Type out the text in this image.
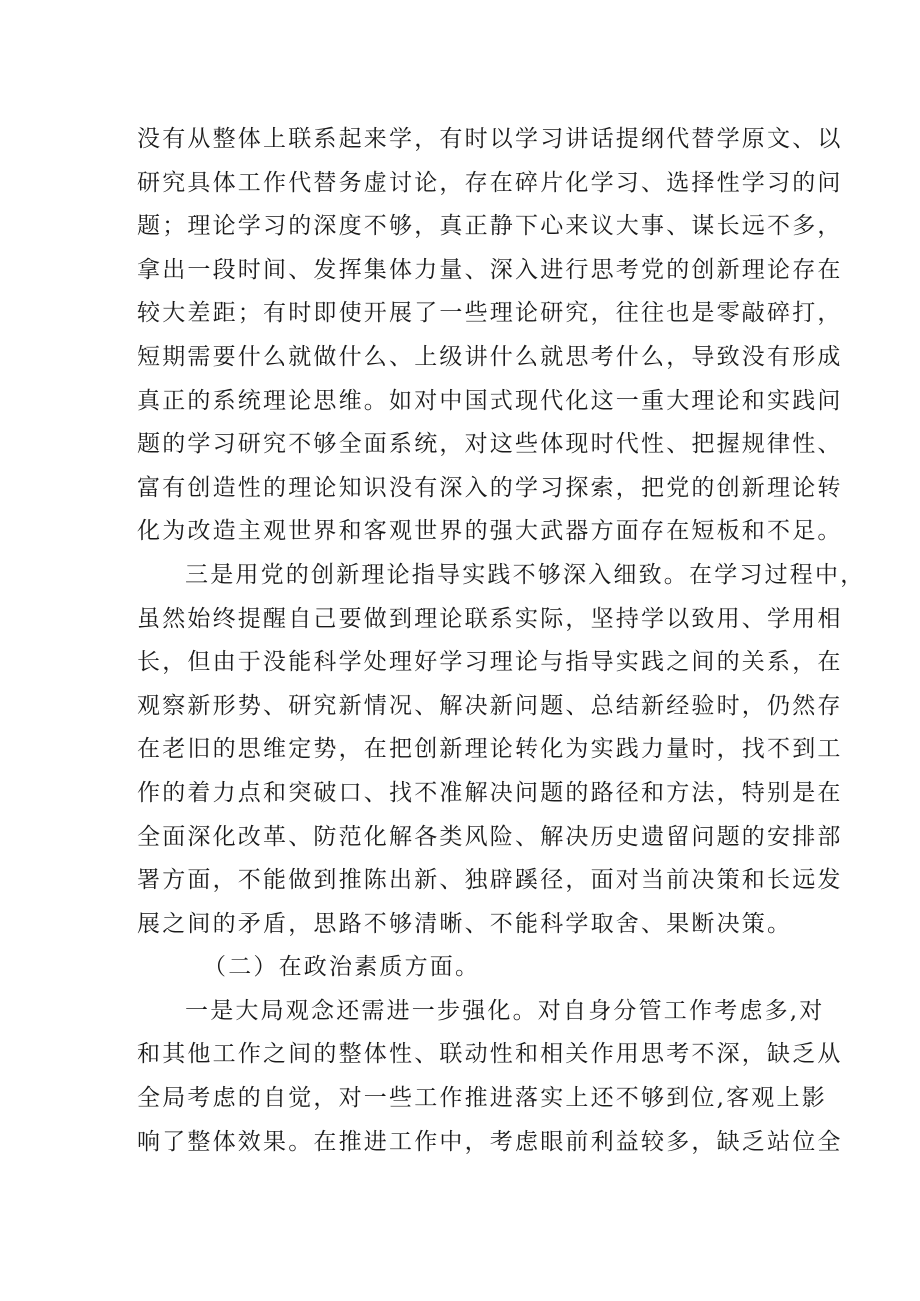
没有从整体上联系起来学，有时以学习讲话提纲代替学原文、以
研究具体工作代替务虚讨论，存在碎片化学习、选择性学习的问
题；理论学习的深度不够，真正静下心来议大事、谋长远不多，
拿出一段时间、发挥集体力量、深入进行思考党的创新理论存在
较大差距；有时即使开展了一些理论研究，往往也是零敲碎打，
短期需要什么就做什么、上级讲什么就思考什么，导致没有形成
真正的系统理论思维。如对中国式现代化这一重大理论和实践问
题的学习研究不够全面系统，对这些体现时代性、把握规律性、
富有创造性的理论知识没有深入的学习探索，把党的创新理论转
化为改造主观世界和客观世界的强大武器方面存在短板和不足。
三是用党的创新理论指导实践不够深入细致。在学习过程中，
虽然始终提醒自己要做到理论联系实际，坚持学以致用、学用相
长，但由于没能科学处理好学习理论与指导实践之间的关系，在
观察新形势、研究新情况、解决新问题、总结新经验时，仍然存
在老旧的思维定势，在把创新理论转化为实践力量时，找不到工
作的着力点和突破口、找不准解决问题的路径和方法，特别是在
全面深化改革、防范化解各类风险、解决历史遗留问题的安排部
署方面，不能做到推陈出新、独辟蹊径，面对当前决策和长远发
展之间的矛盾，思路不够清晰、不能科学取舍、果断决策。
（二）在政治素质方面。
一是大局观念还需进一步强化。对自身分管工作考虑多,对
和其他工作之间的整体性、联动性和相关作用思考不深，缺乏从
全局考虑的自觉，对一些工作推进落实上还不够到位,客观上影
响了整体效果。在推进工作中，考虑眼前利益较多，缺乏站位全
